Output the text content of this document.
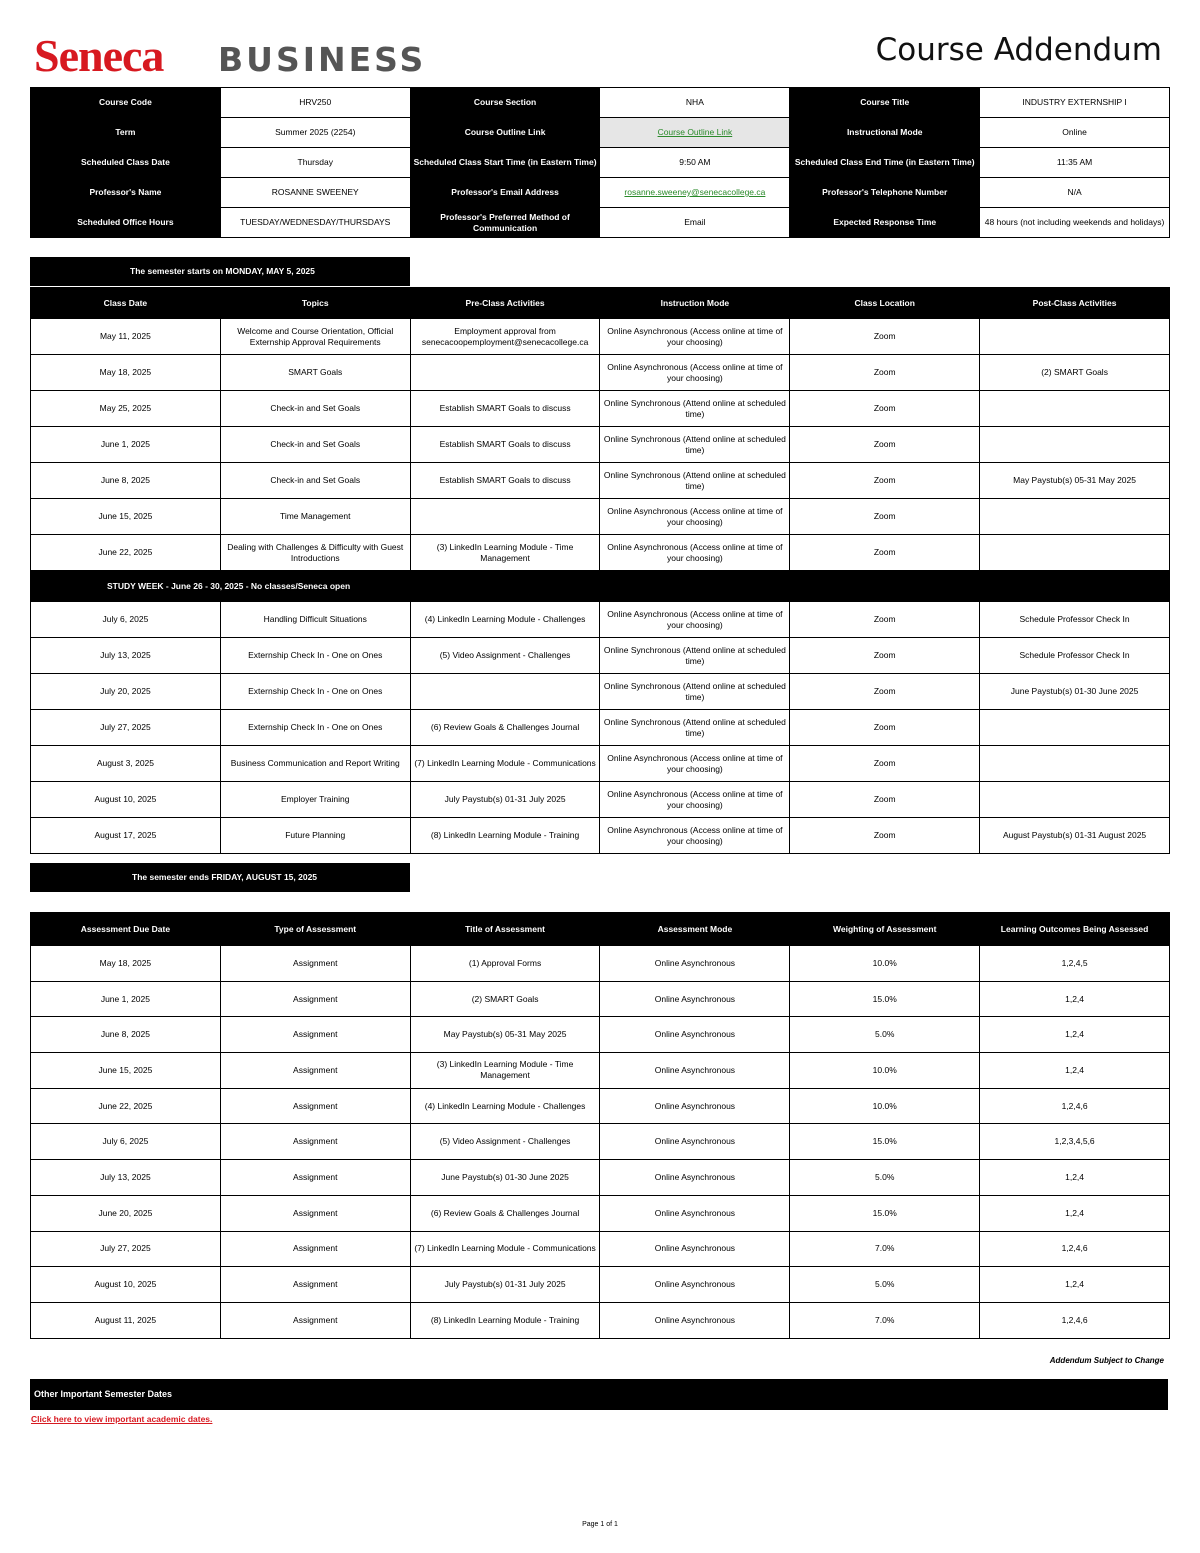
Seneca BUSINESS	Course Addendum
Course Code	HRV250	Course Section	NHA	Course Title	INDUSTRY EXTERNSHIP I
Term	Summer 2025 (2254)	Course Outline Link	Course Outline Link	Instructional Mode	Online
Scheduled Class Date	Thursday	Scheduled Class Start Time (in Eastern Time)	9:50 AM	Scheduled Class End Time (in Eastern Time)	11:35 AM
Professor's Name	ROSANNE SWEENEY	Professor's Email Address	rosanne.sweeney@senecacollege.ca	Professor's Telephone Number	N/A
Scheduled Office Hours	TUESDAY/WEDNESDAY/THURSDAYS	Professor's Preferred Method of Communication	Email	Expected Response Time	48 hours (not including weekends and holidays)
The semester starts on MONDAY, MAY 5, 2025
Class Date	Topics	Pre-Class Activities	Instruction Mode	Class Location	Post-Class Activities
May 11, 2025	Welcome and Course Orientation, Official Externship Approval Requirements	Employment approval from senecacoopemployment@senecacollege.ca	Online Asynchronous (Access online at time of your choosing)	Zoom	
May 18, 2025	SMART Goals		Online Asynchronous (Access online at time of your choosing)	Zoom	(2) SMART Goals
May 25, 2025	Check-in and Set Goals	Establish SMART Goals to discuss	Online Synchronous (Attend online at scheduled time)	Zoom	
June 1, 2025	Check-in and Set Goals	Establish SMART Goals to discuss	Online Synchronous (Attend online at scheduled time)	Zoom	
June 8, 2025	Check-in and Set Goals	Establish SMART Goals to discuss	Online Synchronous (Attend online at scheduled time)	Zoom	May Paystub(s) 05-31 May 2025
June 15, 2025	Time Management		Online Asynchronous (Access online at time of your choosing)	Zoom	
June 22, 2025	Dealing with Challenges & Difficulty with Guest Introductions	(3) LinkedIn Learning Module - Time Management	Online Asynchronous (Access online at time of your choosing)	Zoom	
STUDY WEEK - June 26 - 30, 2025 - No classes/Seneca open					
July 6, 2025	Handling Difficult Situations	(4) LinkedIn Learning Module - Challenges	Online Asynchronous (Access online at time of your choosing)	Zoom	Schedule Professor Check In
July 13, 2025	Externship Check In - One on Ones	(5) Video Assignment - Challenges	Online Synchronous (Attend online at scheduled time)	Zoom	Schedule Professor Check In
July 20, 2025	Externship Check In - One on Ones		Online Synchronous (Attend online at scheduled time)	Zoom	June Paystub(s) 01-30 June 2025
July 27, 2025	Externship Check In - One on Ones	(6) Review Goals & Challenges Journal	Online Synchronous (Attend online at scheduled time)	Zoom	
August 3, 2025	Business Communication and Report Writing	(7) LinkedIn Learning Module - Communications	Online Asynchronous (Access online at time of your choosing)	Zoom	
August 10, 2025	Employer Training	July Paystub(s) 01-31 July 2025	Online Asynchronous (Access online at time of your choosing)	Zoom	
August 17, 2025	Future Planning	(8) LinkedIn Learning Module - Training	Online Asynchronous (Access online at time of your choosing)	Zoom	August Paystub(s) 01-31 August 2025
The semester ends FRIDAY, AUGUST 15, 2025
Assessment Due Date	Type of Assessment	Title of Assessment	Assessment Mode	Weighting of Assessment	Learning Outcomes Being Assessed
May 18, 2025	Assignment	(1) Approval Forms	Online Asynchronous	10.0%	1,2,4,5
June 1, 2025	Assignment	(2) SMART Goals	Online Asynchronous	15.0%	1,2,4
June 8, 2025	Assignment	May Paystub(s) 05-31 May 2025	Online Asynchronous	5.0%	1,2,4
June 15, 2025	Assignment	(3) LinkedIn Learning Module - Time Management	Online Asynchronous	10.0%	1,2,4
June 22, 2025	Assignment	(4) LinkedIn Learning Module - Challenges	Online Asynchronous	10.0%	1,2,4,6
July 6, 2025	Assignment	(5) Video Assignment - Challenges	Online Asynchronous	15.0%	1,2,3,4,5,6
July 13, 2025	Assignment	June Paystub(s) 01-30 June 2025	Online Asynchronous	5.0%	1,2,4
June 20, 2025	Assignment	(6) Review Goals & Challenges Journal	Online Asynchronous	15.0%	1,2,4
July 27, 2025	Assignment	(7) LinkedIn Learning Module - Communications	Online Asynchronous	7.0%	1,2,4,6
August 10, 2025	Assignment	July Paystub(s) 01-31 July 2025	Online Asynchronous	5.0%	1,2,4
August 11, 2025	Assignment	(8) LinkedIn Learning Module - Training	Online Asynchronous	7.0%	1,2,4,6
Addendum Subject to Change
Other Important Semester Dates
Click here to view important academic dates.
Page 1 of 1
